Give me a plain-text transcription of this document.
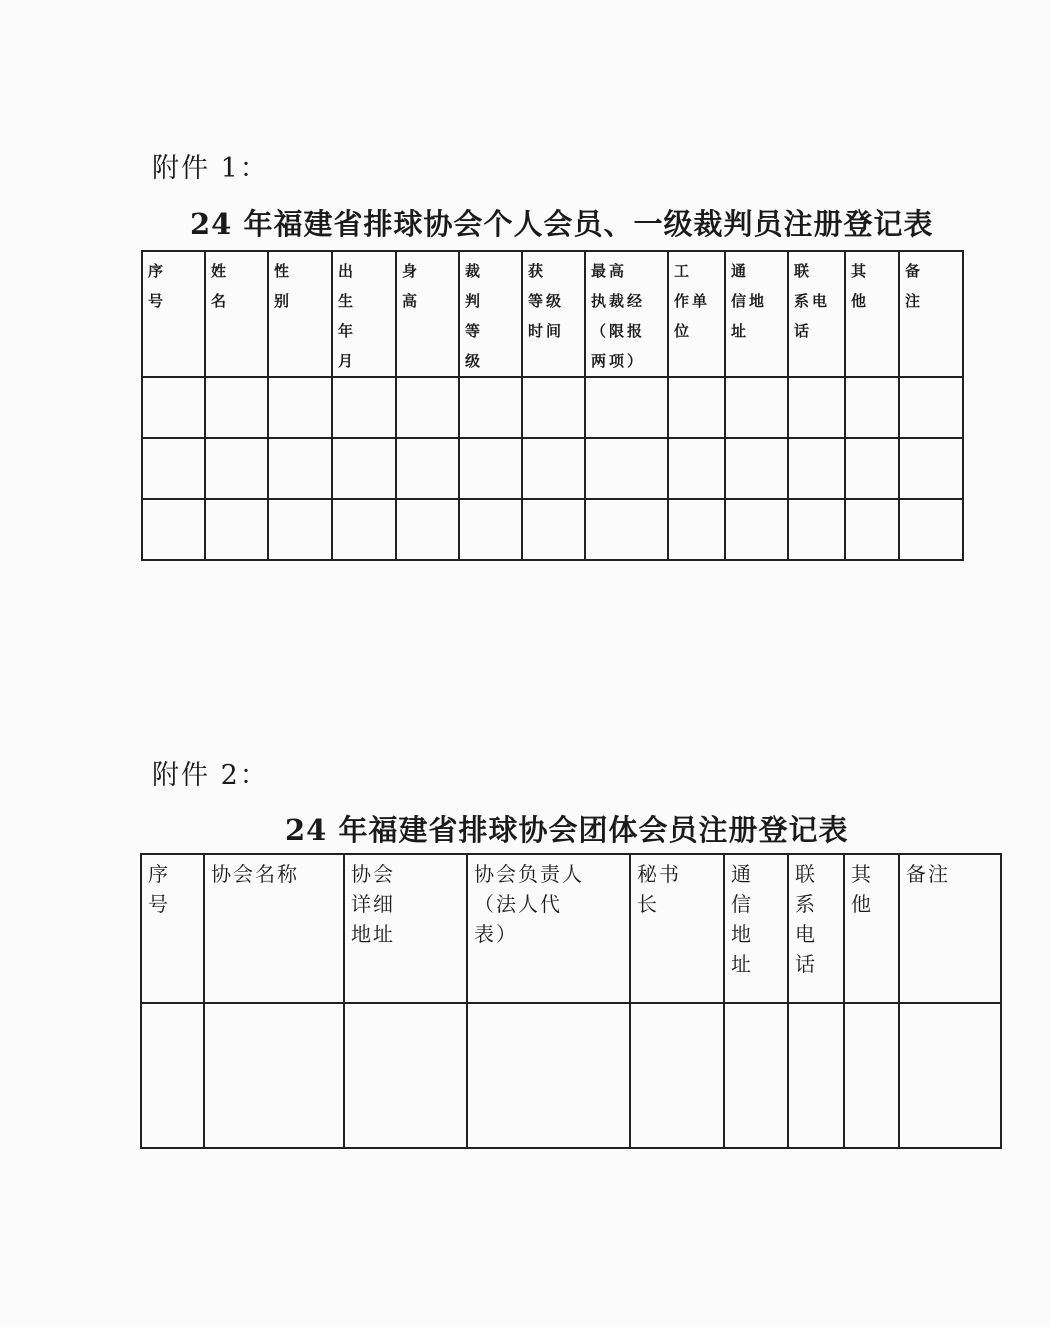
附件 1：
24 年福建省排球协会个人会员、一级裁判员注册登记表
序
号	姓
名	性
别	出
生
年
月	身
高	裁
判
等
级	获
等级
时间	最高
执裁经
（限报
两项）	工
作单
位	通
信地
址	联
系电
话	其
他	备
注

附件 2：
24 年福建省排球协会团体会员注册登记表
序
号	协会名称	协会
详细
地址	协会负责人
（法人代
表）	秘书
长	通
信
地
址	联
系
电
话	其
他	备注
